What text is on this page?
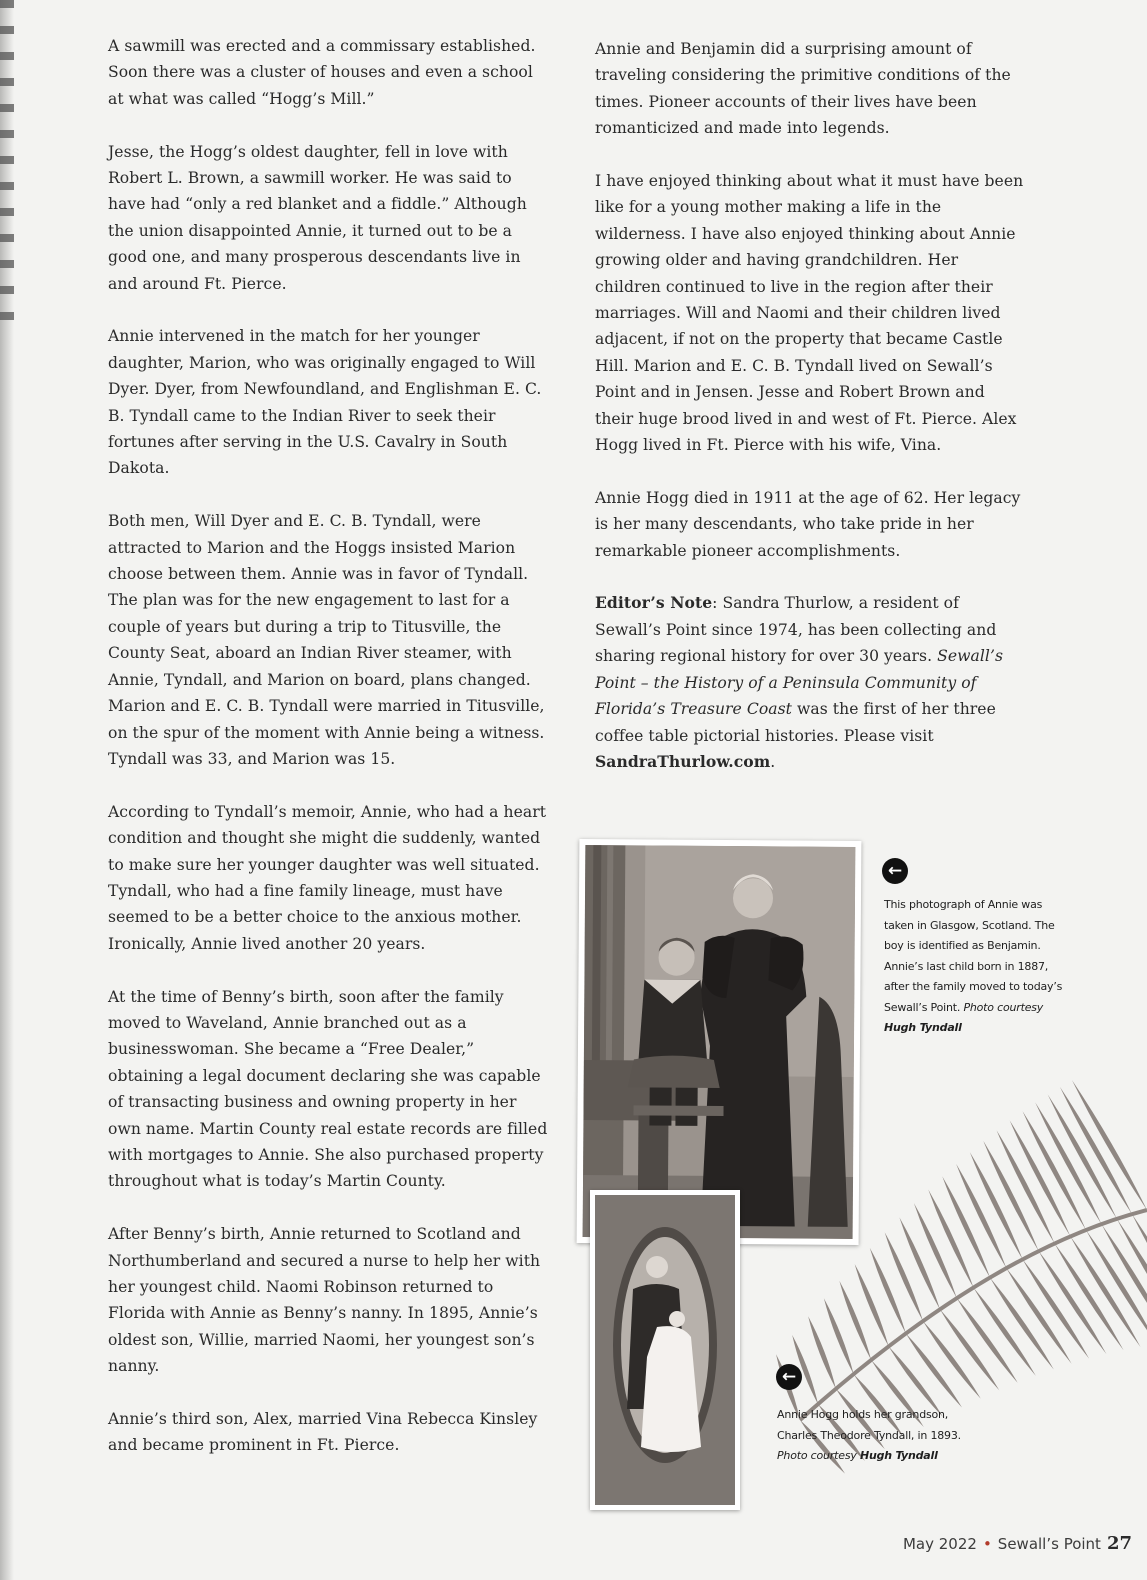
A sawmill was erected and a commissary established. Soon there was a cluster of houses and even a school at what was called “Hogg’s Mill.”

Jesse, the Hogg’s oldest daughter, fell in love with Robert L. Brown, a sawmill worker. He was said to have had “only a red blanket and a fiddle.” Although the union disappointed Annie, it turned out to be a good one, and many prosperous descendants live in and around Ft. Pierce.

Annie intervened in the match for her younger daughter, Marion, who was originally engaged to Will Dyer. Dyer, from Newfoundland, and Englishman E. C. B. Tyndall came to the Indian River to seek their fortunes after serving in the U.S. Cavalry in South Dakota.

Both men, Will Dyer and E. C. B. Tyndall, were attracted to Marion and the Hoggs insisted Marion choose between them. Annie was in favor of Tyndall. The plan was for the new engagement to last for a couple of years but during a trip to Titusville, the County Seat, aboard an Indian River steamer, with Annie, Tyndall, and Marion on board, plans changed. Marion and E. C. B. Tyndall were married in Titusville, on the spur of the moment with Annie being a witness. Tyndall was 33, and Marion was 15.

According to Tyndall’s memoir, Annie, who had a heart condition and thought she might die suddenly, wanted to make sure her younger daughter was well situated. Tyndall, who had a fine family lineage, must have seemed to be a better choice to the anxious mother. Ironically, Annie lived another 20 years.

At the time of Benny’s birth, soon after the family moved to Waveland, Annie branched out as a businesswoman. She became a “Free Dealer,” obtaining a legal document declaring she was capable of transacting business and owning property in her own name. Martin County real estate records are filled with mortgages to Annie. She also purchased property throughout what is today’s Martin County.

After Benny’s birth, Annie returned to Scotland and Northumberland and secured a nurse to help her with her youngest child. Naomi Robinson returned to Florida with Annie as Benny’s nanny. In 1895, Annie’s oldest son, Willie, married Naomi, her youngest son’s nanny.

Annie’s third son, Alex, married Vina Rebecca Kinsley and became prominent in Ft. Pierce.

Annie and Benjamin did a surprising amount of traveling considering the primitive conditions of the times. Pioneer accounts of their lives have been romanticized and made into legends.

I have enjoyed thinking about what it must have been like for a young mother making a life in the wilderness. I have also enjoyed thinking about Annie growing older and having grandchildren. Her children continued to live in the region after their marriages. Will and Naomi and their children lived adjacent, if not on the property that became Castle Hill. Marion and E. C. B. Tyndall lived on Sewall’s Point and in Jensen. Jesse and Robert Brown and their huge brood lived in and west of Ft. Pierce. Alex Hogg lived in Ft. Pierce with his wife, Vina.

Annie Hogg died in 1911 at the age of 62. Her legacy is her many descendants, who take pride in her remarkable pioneer accomplishments.

Editor’s Note: Sandra Thurlow, a resident of Sewall’s Point since 1974, has been collecting and sharing regional history for over 30 years. Sewall’s Point – the History of a Peninsula Community of Florida’s Treasure Coast was the first of her three coffee table pictorial histories. Please visit SandraThurlow.com.

←
This photograph of Annie was taken in Glasgow, Scotland. The boy is identified as Benjamin. Annie’s last child born in 1887, after the family moved to today’s Sewall’s Point. Photo courtesy Hugh Tyndall
←
Annie Hogg holds her grandson, Charles Theodore Tyndall, in 1893. Photo courtesy Hugh Tyndall
May 2022 • Sewall’s Point 27
